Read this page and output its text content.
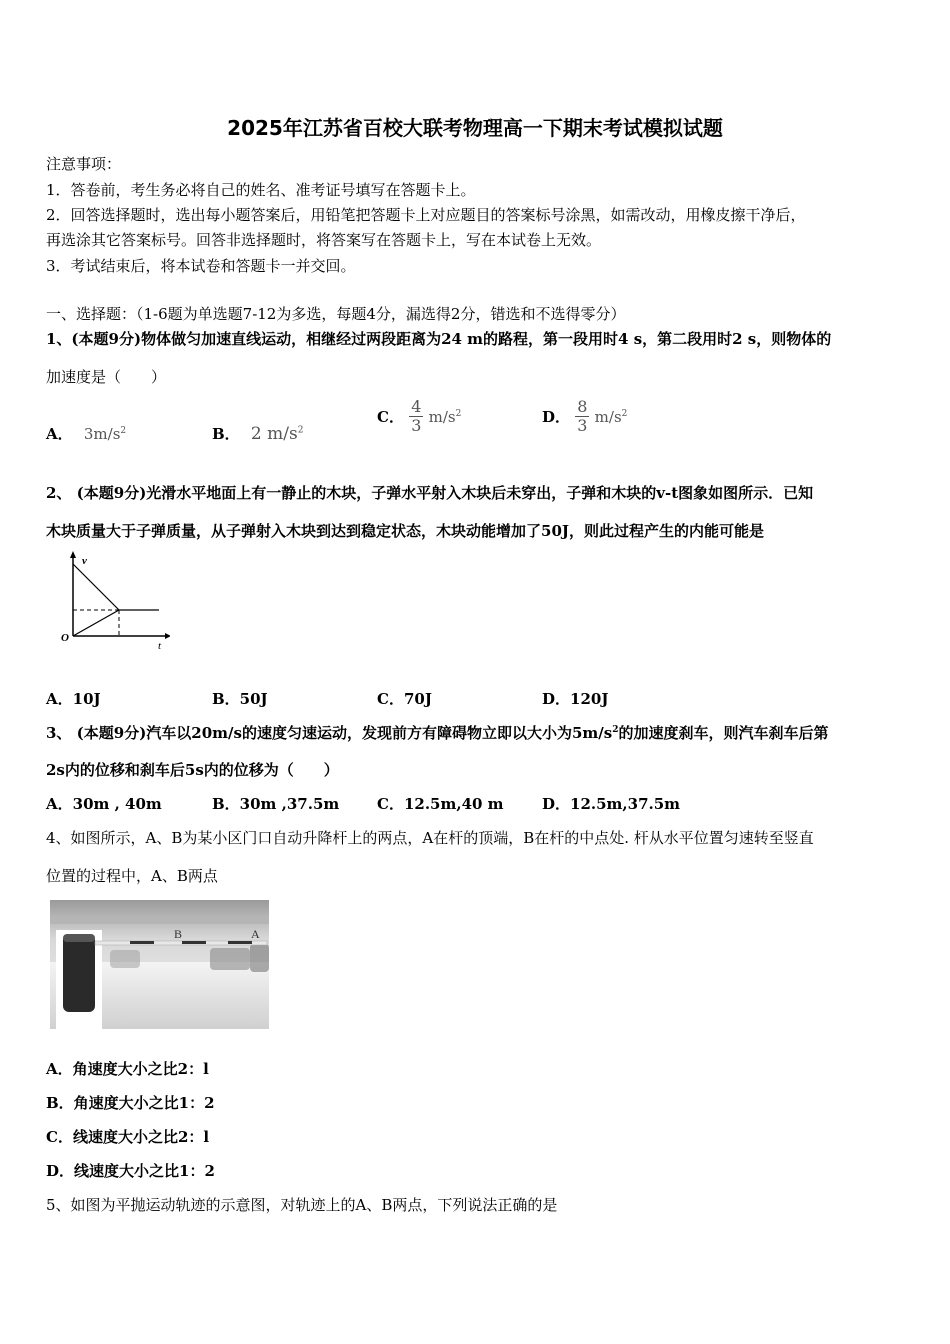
2025年江苏省百校大联考物理高一下期末考试模拟试题
注意事项：
1．答卷前，考生务必将自己的姓名、准考证号填写在答题卡上。
2．回答选择题时，选出每小题答案后，用铅笔把答题卡上对应题目的答案标号涂黑，如需改动，用橡皮擦干净后，
再选涂其它答案标号。回答非选择题时，将答案写在答题卡上，写在本试卷上无效。
3．考试结束后，将本试卷和答题卡一并交回。
一、选择题：（1-6题为单选题7-12为多选，每题4分，漏选得2分，错选和不选得零分）
1、(本题9分)物体做匀加速直线运动，相继经过两段距离为24 m的路程，第一段用时4 s，第二段用时2 s，则物体的
加速度是（　　）
A． $3m/s^2$	B． 2 $m/s^2$
C． $\frac{4}{3} m/s^2$	D． $\frac{8}{3} m/s^2$
2、 (本题9分)光滑水平地面上有一静止的木块，子弹水平射入木块后未穿出，子弹和木块的v-t图象如图所示．已知
木块质量大于子弹质量，从子弹射入木块到达到稳定状态，木块动能增加了50J，则此过程产生的内能可能是
v
t
O
A．10J	B．50J	C．70J	D．120J
3、 (本题9分)汽车以20m/s的速度匀速运动，发现前方有障碍物立即以大小为$5m/s^2$的加速度刹车，则汽车刹车后第
2s内的位移和刹车后5s内的位移为（　　）
A．30m , 40m	B．30m ,37.5m	C．12.5m,40 m	D．12.5m,37.5m
4、如图所示，A、B为某小区门口自动升降杆上的两点，A在杆的顶端，B在杆的中点处. 杆从水平位置匀速转至竖直
位置的过程中，A、B两点
B	A
A．角速度大小之比2：l
B．角速度大小之比1：2
C．线速度大小之比2：l
D．线速度大小之比1：2
5、如图为平抛运动轨迹的示意图，对轨迹上的A、B两点，下列说法正确的是
